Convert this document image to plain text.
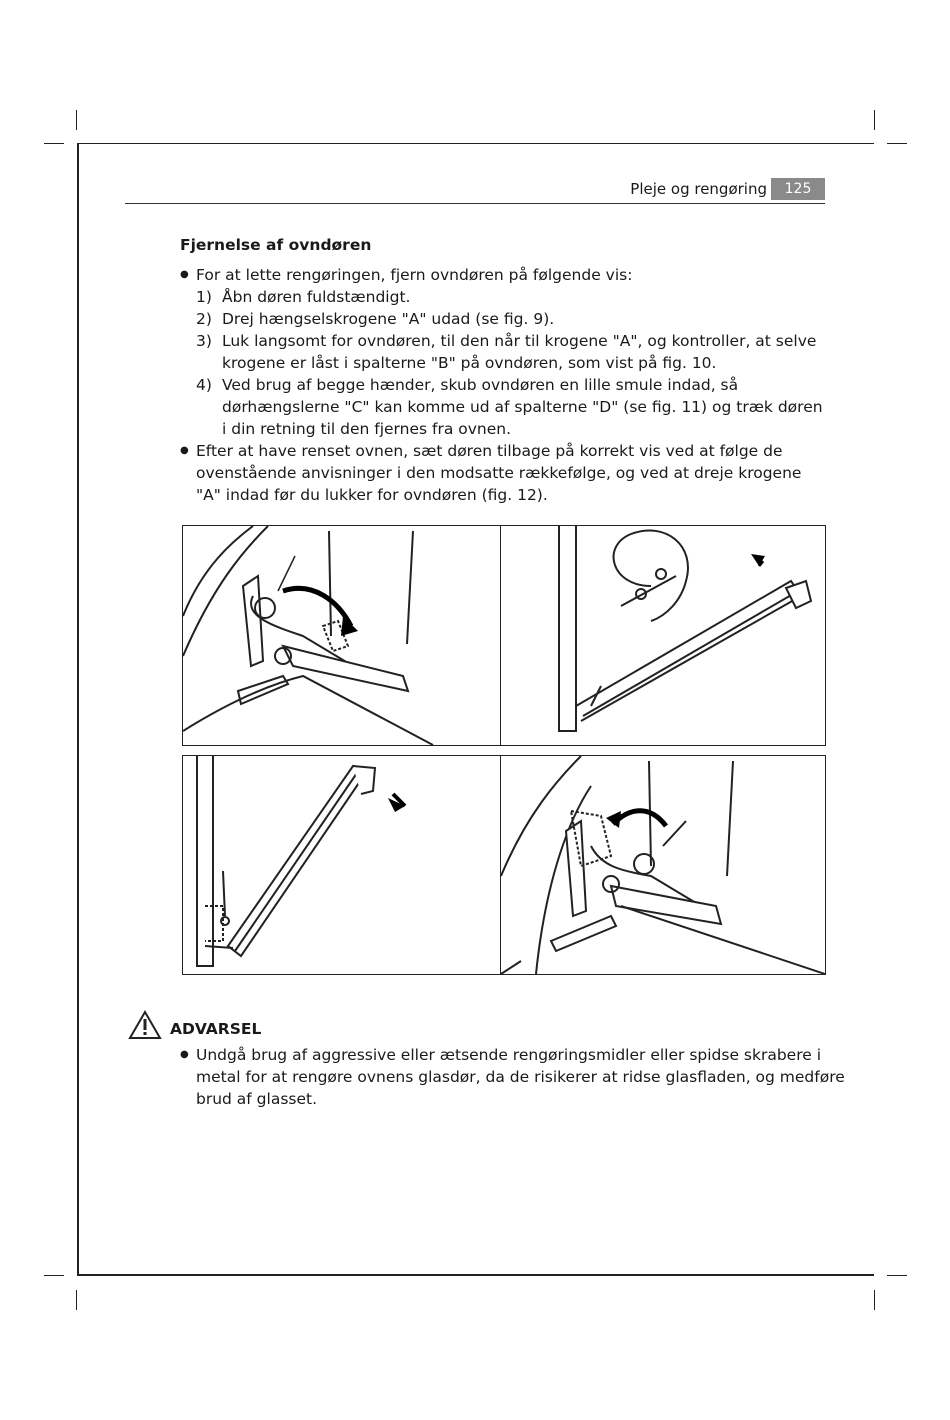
Pleje og rengøring	125
Fjernelse af ovndøren
● For at lette rengøringen, fjern ovndøren på følgende vis:
1) Åbn døren fuldstændigt.
2) Drej hængselskrogene "A" udad (se fig. 9).
3) Luk langsomt for ovndøren, til den når til krogene "A", og kontroller, at selve krogene er låst i spalterne "B" på ovndøren, som vist på fig. 10.
4) Ved brug af begge hænder, skub ovndøren en lille smule indad, så dørhængslerne "C" kan komme ud af spalterne "D" (se fig. 11) og træk døren i din retning til den fjernes fra ovnen.
● Efter at have renset ovnen, sæt døren tilbage på korrekt vis ved at følge de ovenstående anvisninger i den modsatte rækkefølge, og ved at dreje krogene "A" indad før du lukker for ovndøren (fig. 12).
ADVARSEL
● Undgå brug af aggressive eller ætsende rengøringsmidler eller spidse skrabere i metal for at rengøre ovnens glasdør, da de risikerer at ridse glasfladen, og medføre brud af glasset.
